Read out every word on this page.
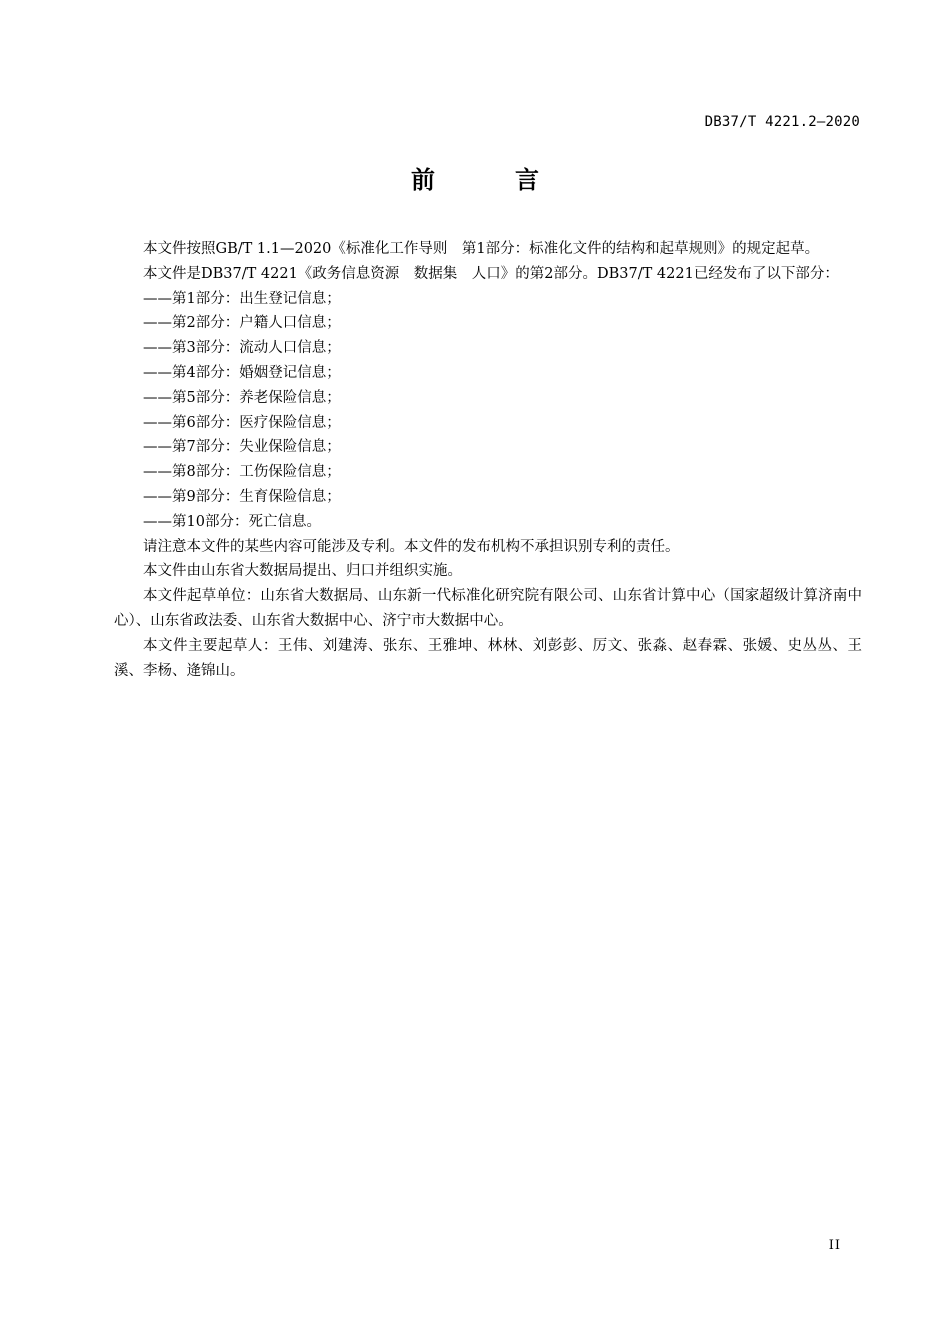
DB37/T 4221.2—2020
前　言

本文件按照GB/T 1.1—2020《标准化工作导则　第1部分：标准化文件的结构和起草规则》的规定起草。

本文件是DB37/T 4221《政务信息资源　数据集　人口》的第2部分。DB37/T 4221已经发布了以下部分：

——第1部分：出生登记信息；

——第2部分：户籍人口信息；

——第3部分：流动人口信息；

——第4部分：婚姻登记信息；

——第5部分：养老保险信息；

——第6部分：医疗保险信息；

——第7部分：失业保险信息；

——第8部分：工伤保险信息；

——第9部分：生育保险信息；

——第10部分：死亡信息。

请注意本文件的某些内容可能涉及专利。本文件的发布机构不承担识别专利的责任。

本文件由山东省大数据局提出、归口并组织实施。

本文件起草单位：山东省大数据局、山东新一代标准化研究院有限公司、山东省计算中心（国家超级计算济南中心）、山东省政法委、山东省大数据中心、济宁市大数据中心。

本文件主要起草人：王伟、刘建涛、张东、王雅坤、林林、刘彭彭、厉文、张淼、赵春霖、张媛、史丛丛、王溪、李杨、逄锦山。

II
